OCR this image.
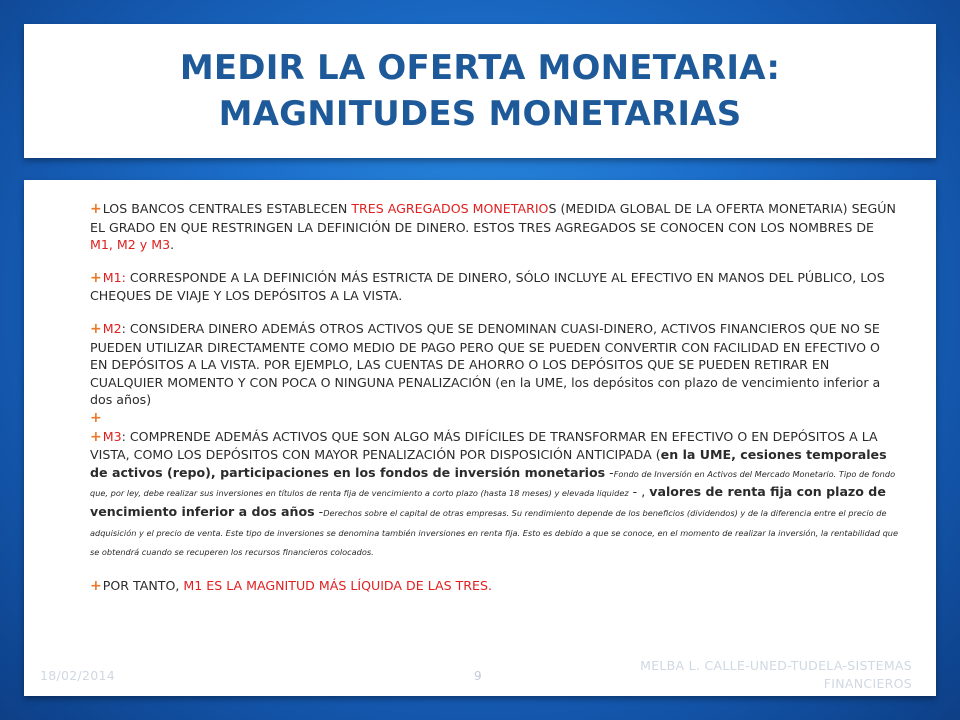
MEDIR LA OFERTA MONETARIA:
MAGNITUDES MONETARIAS

+LOS BANCOS CENTRALES ESTABLECEN TRES AGREGADOS MONETARIOS (MEDIDA GLOBAL DE LA OFERTA MONETARIA) SEGÚN EL GRADO EN QUE RESTRINGEN LA DEFINICIÓN DE DINERO. ESTOS TRES AGREGADOS SE CONOCEN CON LOS NOMBRES DE M1, M2 y M3.

+M1: CORRESPONDE A LA DEFINICIÓN MÁS ESTRICTA DE DINERO, SÓLO INCLUYE AL EFECTIVO EN MANOS DEL PÚBLICO, LOS CHEQUES DE VIAJE Y LOS DEPÓSITOS A LA VISTA.

+M2: CONSIDERA DINERO ADEMÁS OTROS ACTIVOS QUE SE DENOMINAN CUASI-DINERO, ACTIVOS FINANCIEROS QUE NO SE PUEDEN UTILIZAR DIRECTAMENTE COMO MEDIO DE PAGO PERO QUE SE PUEDEN CONVERTIR CON FACILIDAD EN EFECTIVO O EN DEPÓSITOS A LA VISTA. POR EJEMPLO, LAS CUENTAS DE AHORRO O LOS DEPÓSITOS QUE SE PUEDEN RETIRAR EN CUALQUIER MOMENTO Y CON POCA O NINGUNA PENALIZACIÓN (en la UME, los depósitos con plazo de vencimiento inferior a dos años)

+

+M3: COMPRENDE ADEMÁS ACTIVOS QUE SON ALGO MÁS DIFÍCILES DE TRANSFORMAR EN EFECTIVO O EN DEPÓSITOS A LA VISTA, COMO LOS DEPÓSITOS CON MAYOR PENALIZACIÓN POR DISPOSICIÓN ANTICIPADA (en la UME, cesiones temporales de activos (repo), participaciones en los fondos de inversión monetarios -Fondo de Inversión en Activos del Mercado Monetario. Tipo de fondo que, por ley, debe realizar sus inversiones en títulos de renta fija de vencimiento a corto plazo (hasta 18 meses) y elevada liquidez - , valores de renta fija con plazo de vencimiento inferior a dos años -Derechos sobre el capital de otras empresas. Su rendimiento depende de los beneficios (dividendos) y de la diferencia entre el precio de adquisición y el precio de venta. Este tipo de inversiones se denomina también inversiones en renta fija. Esto es debido a que se conoce, en el momento de realizar la inversión, la rentabilidad que se obtendrá cuando se recuperen los recursos financieros colocados.

+POR TANTO, M1 ES LA MAGNITUD MÁS LÍQUIDA DE LAS TRES.

18/02/2014	9
MELBA L. CALLE-UNED-TUDELA-SISTEMAS
FINANCIEROS
